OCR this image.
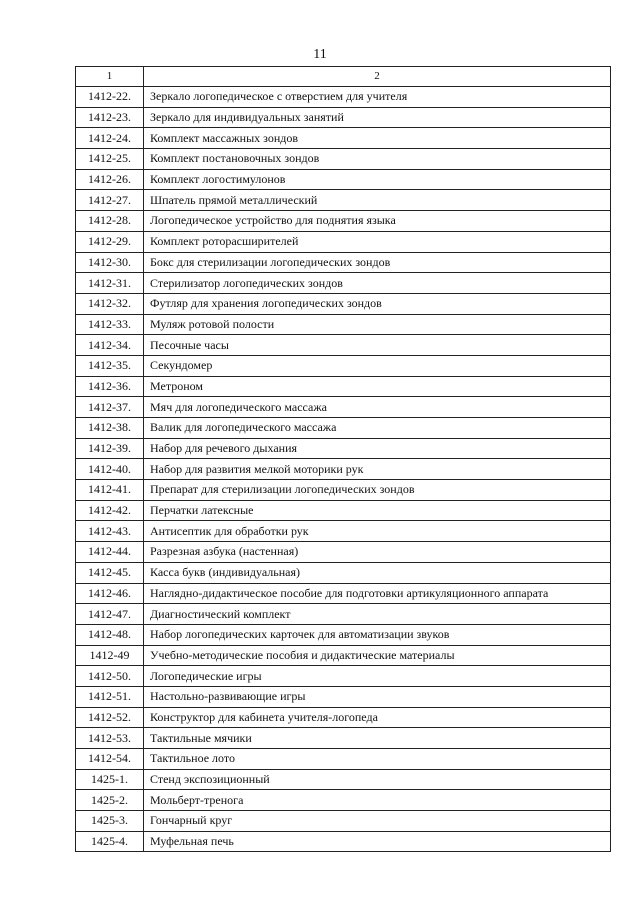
11
1	2
1412-22.	Зеркало логопедическое с отверстием для учителя
1412-23.	Зеркало для индивидуальных занятий
1412-24.	Комплект массажных зондов
1412-25.	Комплект постановочных зондов
1412-26.	Комплект логостимулонов
1412-27.	Шпатель прямой металлический
1412-28.	Логопедическое устройство для поднятия языка
1412-29.	Комплект роторасширителей
1412-30.	Бокс для стерилизации логопедических зондов
1412-31.	Стерилизатор логопедических зондов
1412-32.	Футляр для хранения логопедических зондов
1412-33.	Муляж ротовой полости
1412-34.	Песочные часы
1412-35.	Секундомер
1412-36.	Метроном
1412-37.	Мяч для логопедического массажа
1412-38.	Валик для логопедического массажа
1412-39.	Набор для речевого дыхания
1412-40.	Набор для развития мелкой моторики рук
1412-41.	Препарат для стерилизации логопедических зондов
1412-42.	Перчатки латексные
1412-43.	Антисептик для обработки рук
1412-44.	Разрезная азбука (настенная)
1412-45.	Касса букв (индивидуальная)
1412-46.	Наглядно-дидактическое пособие для подготовки артикуляционного аппарата
1412-47.	Диагностический комплект
1412-48.	Набор логопедических карточек для автоматизации звуков
1412-49	Учебно-методические пособия и дидактические материалы
1412-50.	Логопедические игры
1412-51.	Настольно-развивающие игры
1412-52.	Конструктор для кабинета учителя-логопеда
1412-53.	Тактильные мячики
1412-54.	Тактильное лото
1425-1.	Стенд экспозиционный
1425-2.	Мольберт-тренога
1425-3.	Гончарный круг
1425-4.	Муфельная печь
